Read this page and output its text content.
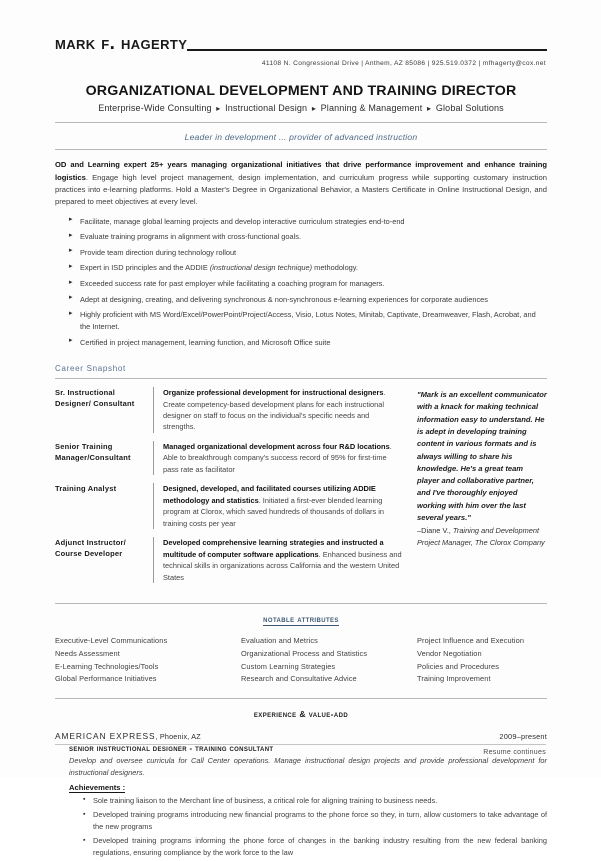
mark f. hagerty
41108 N. Congressional Drive | Anthem, AZ 85086 | 925.519.0372 | mfhagerty@cox.net
ORGANIZATIONAL DEVELOPMENT AND TRAINING DIRECTOR
Enterprise-Wide Consulting ▸ Instructional Design ▸ Planning & Management ▸ Global Solutions
Leader in development ... provider of advanced instruction
OD and Learning expert 25+ years managing organizational initiatives that drive performance improvement and enhance training logistics. Engage high level project management, design implementation, and curriculum progress while supporting customary instruction practices into e-learning platforms. Hold a Master's Degree in Organizational Behavior, a Masters Certificate in Online Instructional Design, and prepared to meet objectives at every level.
▸ Facilitate, manage global learning projects and develop interactive curriculum strategies end-to-end
▸ Evaluate training programs in alignment with cross-functional goals.
▸ Provide team direction during technology rollout
▸ Expert in ISD principles and the ADDIE (instructional design technique) methodology.
▸ Exceeded success rate for past employer while facilitating a coaching program for managers.
▸ Adept at designing, creating, and delivering synchronous & non-synchronous e-learning experiences for corporate audiences
▸ Highly proficient with MS Word/Excel/PowerPoint/Project/Access, Visio, Lotus Notes, Minitab, Captivate, Dreamweaver, Flash, Acrobat, and the Internet.
▸ Certified in project management, learning function, and Microsoft Office suite
Career Snapshot
Sr. Instructional Designer/ Consultant
Organize professional development for instructional designers. Create competency-based development plans for each instructional designer on staff to focus on the individual's specific needs and strengths.
Senior Training Manager/Consultant
Managed organizational development across four R&D locations. Able to breakthrough company's success record of 95% for first-time pass rate as facilitator
Training Analyst	Designed, developed, and facilitated courses utilizing ADDIE methodology and statistics. Initiated a first-ever blended learning program at Clorox, which saved hundreds of thousands of dollars in training costs per year
Adjunct Instructor/ Course Developer
Developed comprehensive learning strategies and instructed a multitude of computer software applications. Enhanced business and technical skills in organizations across California and the western United States
"Mark is an excellent communicator with a knack for making technical information easy to understand. He is adept in developing training content in various formats and is always willing to share his knowledge. He's a great team player and collaborative partner, and I've thoroughly enjoyed working with him over the last several years."
–Diane V., Training and Development Project Manager, The Clorox Company
notable attributes
Executive-Level Communications
Needs Assessment
E-Learning Technologies/Tools
Global Performance Initiatives
Evaluation and Metrics
Organizational Process and Statistics
Custom Learning Strategies
Research and Consultative Advice
Project Influence and Execution
Vendor Negotiation
Policies and Procedures
Training Improvement
experience & value-add
AMERICAN EXPRESS, Phoenix, AZ	2009–present
senior instructional designer - training consultant
Develop and oversee curricula for Call Center operations. Manage instructional design projects and provide professional development for instructional designers.
Achievements :
▪ Sole training liaison to the Merchant line of business, a critical role for aligning training to business needs.
▪ Developed training programs introducing new financial programs to the phone force so they, in turn, allow customers to take advantage of the new programs
▪ Developed training programs informing the phone force of changes in the banking industry resulting from the new federal banking regulations, ensuring compliance by the work force to the law
Resume continues
